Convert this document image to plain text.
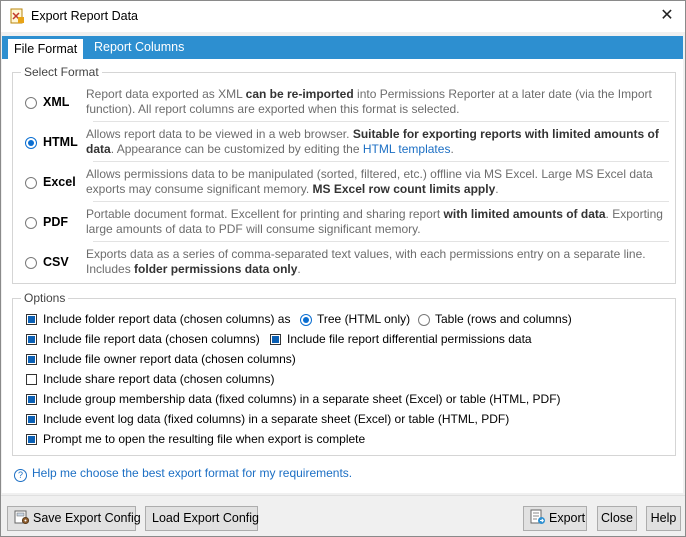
Export Report Data	✕
File Format	Report Columns
Select Format
XML
Report data exported as XML can be re-imported into Permissions Reporter at a later date (via the Import function). All report columns are exported when this format is selected.
HTML
Allows report data to be viewed in a web browser. Suitable for exporting reports with limited amounts of data. Appearance can be customized by editing the HTML templates.
Excel
Allows permissions data to be manipulated (sorted, filtered, etc.) offline via MS Excel. Large MS Excel data exports may consume significant memory. MS Excel row count limits apply.
PDF
Portable document format. Excellent for printing and sharing report with limited amounts of data. Exporting large amounts of data to PDF will consume significant memory.
CSV
Exports data as a series of comma-separated text values, with each permissions entry on a separate line. Includes folder permissions data only.
Options
Include folder report data (chosen columns) as Tree (HTML only) Table (rows and columns)
Include file report data (chosen columns) Include file report differential permissions data
Include file owner report data (chosen columns)
Include share report data (chosen columns)
Include group membership data (fixed columns) in a separate sheet (Excel) or table (HTML, PDF)
Include event log data (fixed columns) in a separate sheet (Excel) or table (HTML, PDF)
Prompt me to open the resulting file when export is complete
? Help me choose the best export format for my requirements.
Save Export Config Load Export Config	Export	Close	Help
